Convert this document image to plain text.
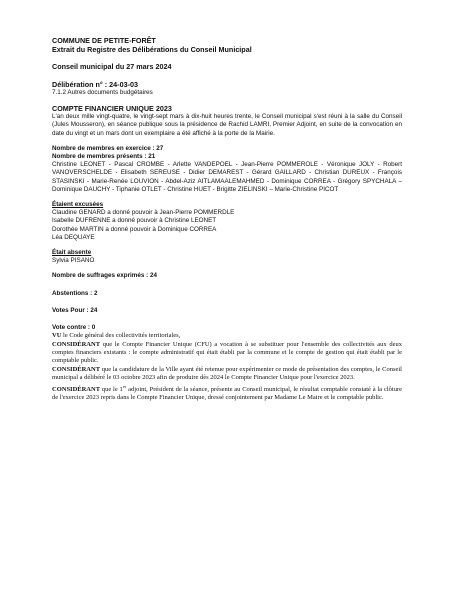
COMMUNE DE PETITE-FORÊT
Extrait du Registre des Délibérations du Conseil Municipal
Conseil municipal du 27 mars 2024
Délibération n° : 24-03-03
7.1.2 Autres documents budgétaires
COMPTE FINANCIER UNIQUE 2023

L'an deux mille vingt-quatre, le vingt-sept mars à dix-huit heures trente, le Conseil municipal s'est réuni à la salle du Conseil (Jules Mousseron), en séance publique sous la présidence de Rachid LAMRI, Premier Adjoint, en suite de la convocation en date du vingt et un mars dont un exemplaire a été affiché à la porte de la Mairie.

Nombre de membres en exercice : 27
Nombre de membres présents : 21

Christine LEONET - Pascal CROMBE - Arlette VANDEPOEL - Jean-Pierre POMMEROLE - Véronique JOLY - Robert VANOVERSCHELDE - Elisabeth SEREUSE - Didier DEMAREST - Gérard GAILLARD - Christian DUREUX - François STASINSKI - Marie-Renée LOUVION - Abdel-Aziz AITLAMAALEMAHMED - Dominique CORREA - Grégory SPYCHALA – Dominique DAUCHY - Tiphanie OTLET - Christine HUET - Brigitte ZIELINSKI – Marie-Christine PICOT

Étaient excusées
Claudine GENARD a donné pouvoir à Jean-Pierre POMMERDLE
Isabelle DUFRENNE a donné pouvoir à Christine LEONET
Dorothée MARTIN a donné pouvoir à Dominique CORREA
Léa DEQUAYE
Était absente
Sylvia PISANO
Nombre de suffrages exprimés : 24
Abstentions : 2
Votes Pour : 24
Vote contre : 0

VU le Code général des collectivités territoriales,

CONSIDÉRANT que le Compte Financier Unique (CFU) a vocation à se substituer pour l'ensemble des collectivités aux deux comptes financiers existants : le compte administratif qui était établi par la commune et le compte de gestion qui était établi par le comptable public.

CONSIDÉRANT que la candidature de la Ville ayant été retenue pour expérimenter ce mode de présentation des comptes, le Conseil municipal a délibéré le 03 octobre 2023 afin de produire dès 2024 le Compte Financier Unique pour l'exercice 2023.

CONSIDÉRANT que le 1er adjoint, Président de la séance, présente au Conseil municipal, le résultat comptable constaté à la clôture de l'exercice 2023 repris dans le Compte Financier Unique, dressé conjointement par Madame Le Maire et le comptable public.
